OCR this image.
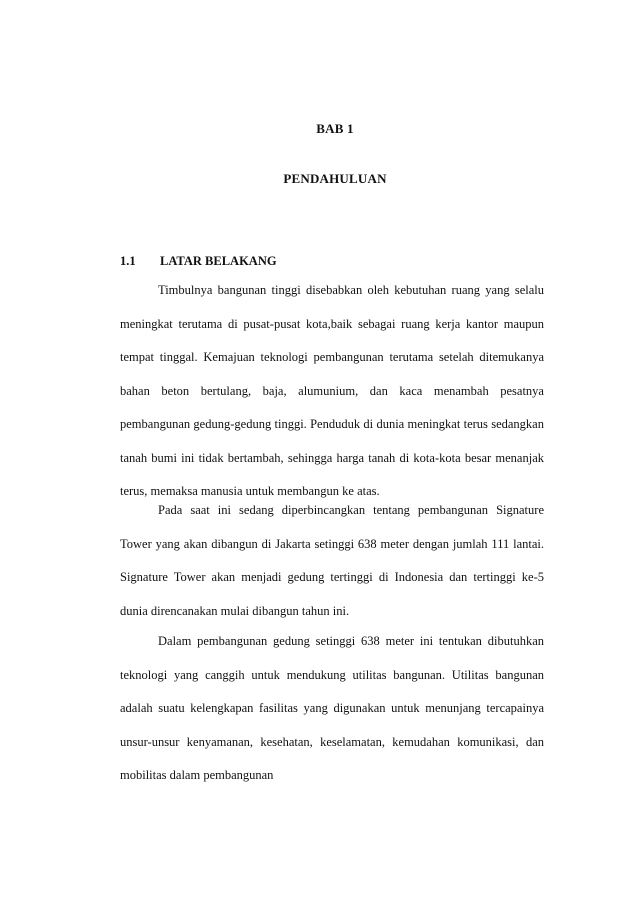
BAB 1
PENDAHULUAN
1.1 LATAR BELAKANG

Timbulnya bangunan tinggi disebabkan oleh kebutuhan ruang yang selalu meningkat terutama di pusat-pusat kota,baik sebagai ruang kerja kantor maupun tempat tinggal. Kemajuan teknologi pembangunan terutama setelah ditemukanya bahan beton bertulang, baja, alumunium, dan kaca menambah pesatnya pembangunan gedung-gedung tinggi. Penduduk di dunia meningkat terus sedangkan tanah bumi ini tidak bertambah, sehingga harga tanah di kota-kota besar menanjak terus, memaksa manusia untuk membangun ke atas.

Pada saat ini sedang diperbincangkan tentang pembangunan Signature Tower yang akan dibangun di Jakarta setinggi 638 meter dengan jumlah 111 lantai. Signature Tower akan menjadi gedung tertinggi di Indonesia dan tertinggi ke-5 dunia direncanakan mulai dibangun tahun ini.

Dalam pembangunan gedung setinggi 638 meter ini tentukan dibutuhkan teknologi yang canggih untuk mendukung utilitas bangunan. Utilitas bangunan adalah suatu kelengkapan fasilitas yang digunakan untuk menunjang tercapainya unsur-unsur kenyamanan, kesehatan, keselamatan, kemudahan komunikasi, dan mobilitas dalam pembangunan
